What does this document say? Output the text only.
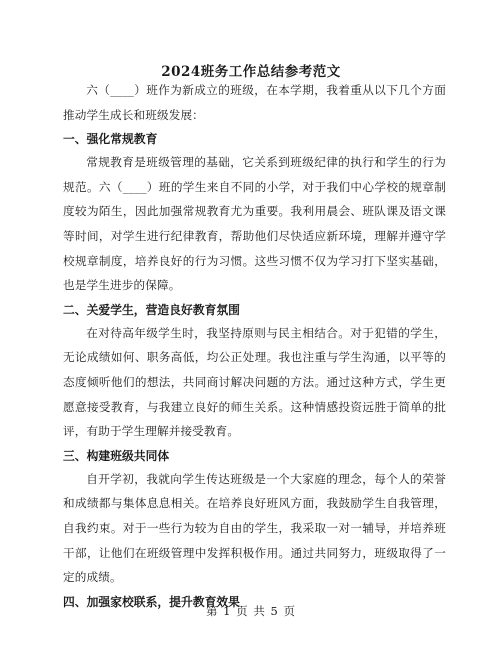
2024班务工作总结参考范文

六（____）班作为新成立的班级，在本学期，我着重从以下几个方面推动学生成长和班级发展：

一、强化常规教育

常规教育是班级管理的基础，它关系到班级纪律的执行和学生的行为规范。六（____）班的学生来自不同的小学，对于我们中心学校的规章制度较为陌生，因此加强常规教育尤为重要。我利用晨会、班队课及语文课等时间，对学生进行纪律教育，帮助他们尽快适应新环境，理解并遵守学校规章制度，培养良好的行为习惯。这些习惯不仅为学习打下坚实基础，也是学生进步的保障。

二、关爱学生，营造良好教育氛围

在对待高年级学生时，我坚持原则与民主相结合。对于犯错的学生，无论成绩如何、职务高低，均公正处理。我也注重与学生沟通，以平等的态度倾听他们的想法，共同商讨解决问题的方法。通过这种方式，学生更愿意接受教育，与我建立良好的师生关系。这种情感投资远胜于简单的批评，有助于学生理解并接受教育。

三、构建班级共同体

自开学初，我就向学生传达班级是一个大家庭的理念，每个人的荣誉和成绩都与集体息息相关。在培养良好班风方面，我鼓励学生自我管理，自我约束。对于一些行为较为自由的学生，我采取一对一辅导，并培养班干部，让他们在班级管理中发挥积极作用。通过共同努力，班级取得了一定的成绩。

四、加强家校联系，提升教育效果

第 1 页 共 5 页
